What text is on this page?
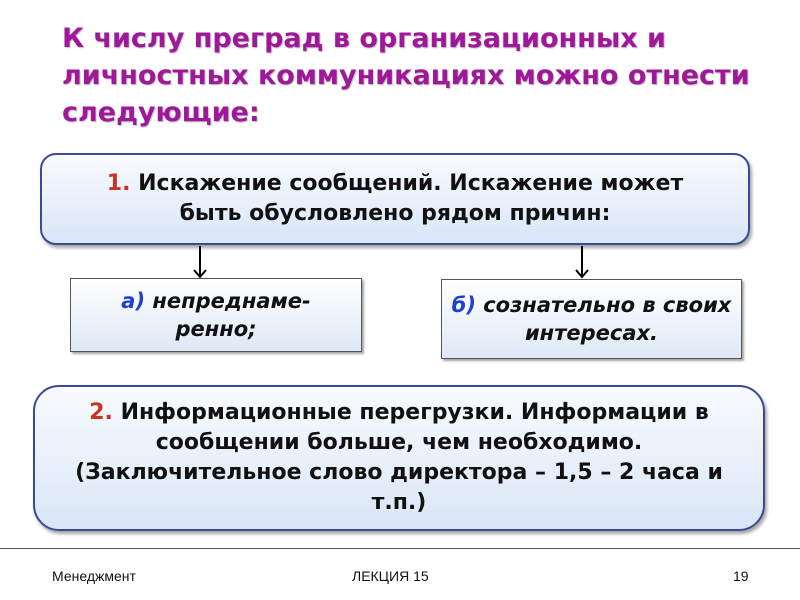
К числу преград в организационных и личностных коммуникациях можно отнести следующие:
1. Искажение сообщений. Искажение может быть обусловлено рядом причин:
а) непреднаме-ренно;
б) сознательно в своих интересах.
2. Информационные перегрузки. Информации в сообщении больше, чем необходимо. (Заключительное слово директора – 1,5 – 2 часа и т.п.)
Менеджмент	ЛЕКЦИЯ 15	19
